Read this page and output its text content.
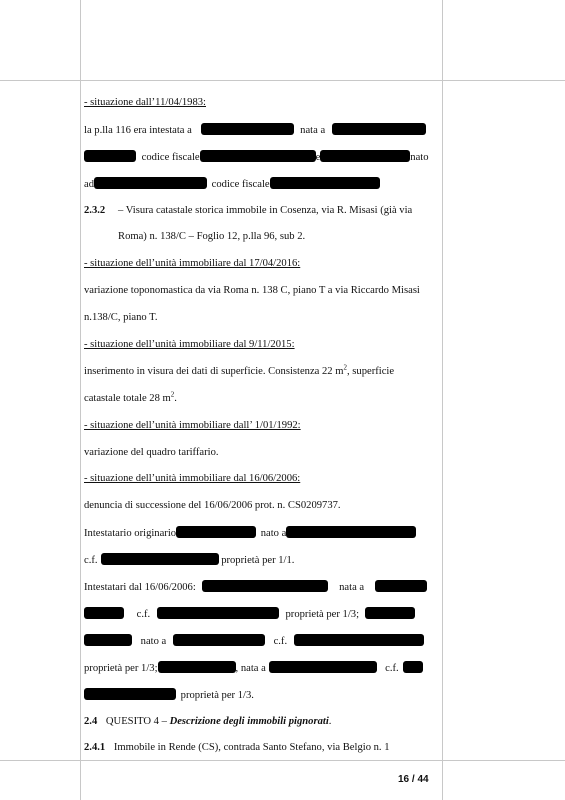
- situazione dall’11/04/1983:
la p.lla 116 era intestata a	nata a
codice fiscale	e	nato
ad	codice fiscale
2.3.2 – Visura catastale storica immobile in Cosenza, via R. Misasi (già via
Roma) n. 138/C – Foglio 12, p.lla 96, sub 2.
- situazione dell’unità immobiliare dal 17/04/2016:
variazione toponomastica da via Roma n. 138 C, piano T a via Riccardo Misasi
n.138/C, piano T.
- situazione dell’unità immobiliare dal 9/11/2015:
inserimento in visura dei dati di superficie. Consistenza 22 $m^2$, superficie
catastale totale 28 $m^2$.
- situazione dell’unità immobiliare dall’ 1/01/1992:
variazione del quadro tariffario.
- situazione dell’unità immobiliare dal 16/06/2006:
denuncia di successione del 16/06/2006 prot. n. CS0209737.
Intestatario originario	nato a
c.f.	proprietà per 1/1.
Intestatari dal 16/06/2006:	nata a
c.f.	proprietà per 1/3;
nato a	c.f.
proprietà per 1/3;	, nata a	c.f.
proprietà per 1/3.
2.4 QUESITO 4 – Descrizione degli immobili pignorati.
2.4.1 Immobile in Rende (CS), contrada Santo Stefano, via Belgio n. 1
16 / 44
